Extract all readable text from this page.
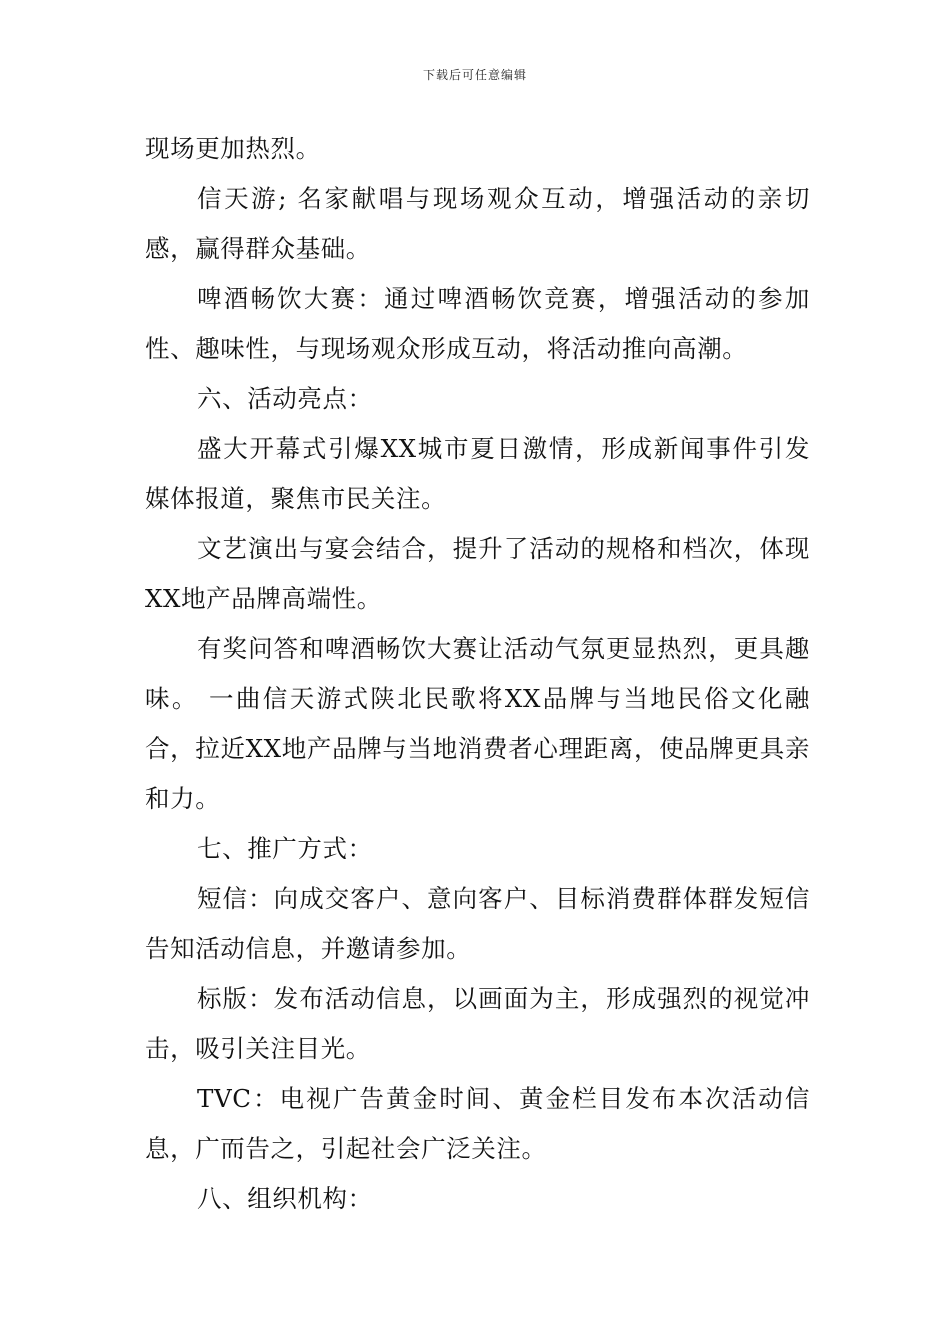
下载后可任意编辑

现场更加热烈。

信天游; 名家献唱与现场观众互动，增强活动的亲切感，赢得群众基础。

啤酒畅饮大赛：通过啤酒畅饮竞赛，增强活动的参加性、趣味性，与现场观众形成互动，将活动推向高潮。

六、活动亮点：

盛大开幕式引爆XX城市夏日激情，形成新闻事件引发媒体报道，聚焦市民关注。

文艺演出与宴会结合，提升了活动的规格和档次，体现XX地产品牌高端性。

有奖问答和啤酒畅饮大赛让活动气氛更显热烈，更具趣味。 一曲信天游式陕北民歌将XX品牌与当地民俗文化融合，拉近XX地产品牌与当地消费者心理距离，使品牌更具亲和力。

七、推广方式：

短信：向成交客户、意向客户、目标消费群体群发短信告知活动信息，并邀请参加。

标版：发布活动信息，以画面为主，形成强烈的视觉冲击，吸引关注目光。

TVC：电视广告黄金时间、黄金栏目发布本次活动信息，广而告之，引起社会广泛关注。

八、组织机构：
